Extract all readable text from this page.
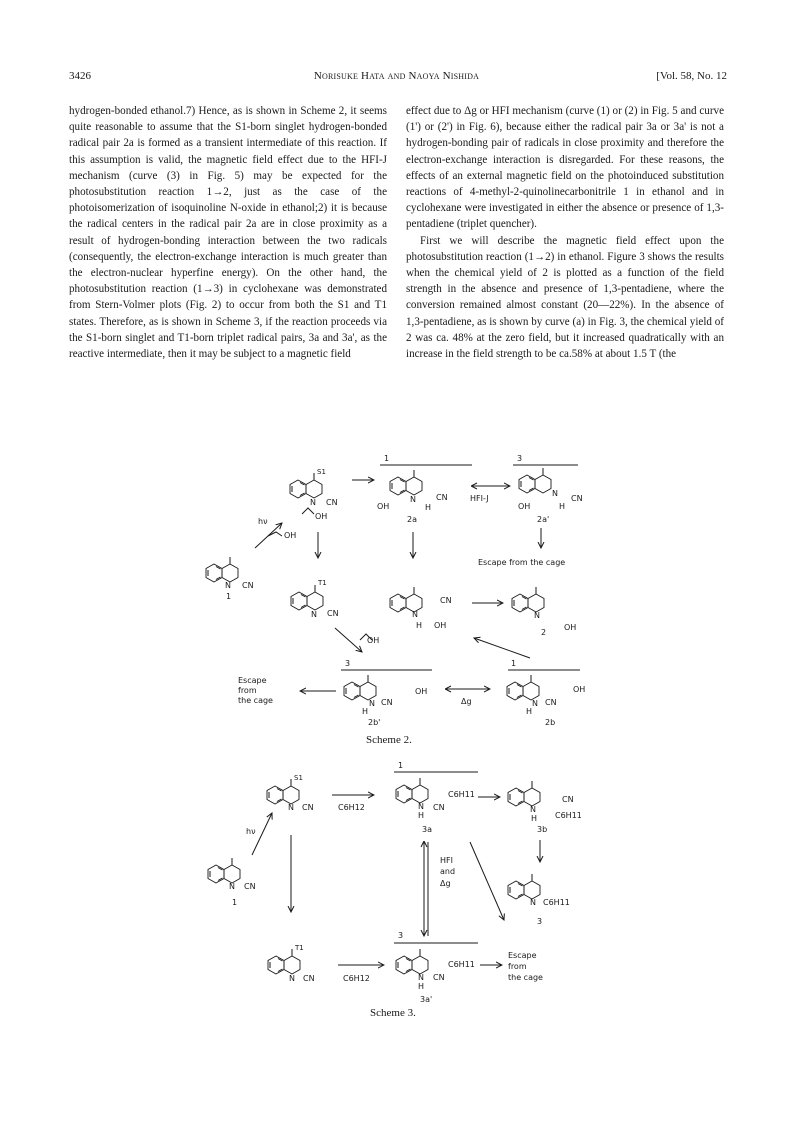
3426	Norisuke Hata and Naoya Nishida	[Vol. 58, No. 12

hydrogen-bonded ethanol.7) Hence, as is shown in Scheme 2, it seems quite reasonable to assume that the S1-born singlet hydrogen-bonded radical pair 2a is formed as a transient intermediate of this reaction. If this assumption is valid, the magnetic field effect due to the HFI-J mechanism (curve (3) in Fig. 5) may be expected for the photosubstitution reaction 1→2, just as the case of the photoisomerization of isoquinoline N-oxide in ethanol;2) it is because the radical centers in the radical pair 2a are in close proximity as a result of hydrogen-bonding interaction between the two radicals (consequently, the electron-exchange interaction is much greater than the electron-nuclear hyperfine energy). On the other hand, the photosubstitution reaction (1→3) in cyclohexane was demonstrated from Stern-Volmer plots (Fig. 2) to occur from both the S1 and T1 states. Therefore, as is shown in Scheme 3, if the reaction proceeds via the S1-born singlet and T1-born triplet radical pairs, 3a and 3a', as the reactive intermediate, then it may be subject to a magnetic field

effect due to Δg or HFI mechanism (curve (1) or (2) in Fig. 5 and curve (1') or (2') in Fig. 6), because either the radical pair 3a or 3a' is not a hydrogen-bonding pair of radicals in close proximity and therefore the electron-exchange interaction is disregarded. For these reasons, the effects of an external magnetic field on the photoinduced substitution reactions of 4-methyl-2-quinolinecarbonitrile 1 in ethanol and in cyclohexane were investigated in either the absence or presence of 1,3-pentadiene (triplet quencher).

First we will describe the magnetic field effect upon the photosubstitution reaction (1→2) in ethanol. Figure 3 shows the results when the chemical yield of 2 is plotted as a function of the field strength in the absence and presence of 1,3-pentadiene, where the conversion remained almost constant (20—22%). In the absence of 1,3-pentadiene, as is shown by curve (a) in Fig. 3, the chemical yield of 2 was ca. 48% at the zero field, but it increased quadratically with an increase in the field strength to be ca.58% at about 1.5 T (the

S1
N CN
OH
1
N	CN
H
OH
2a
HFI-J
3
N
CN
H
OH
2a'
Escape from the cage
hν
OH
N CN
1
T1
N CN
OH
N
CN
H OH
N
OH
2
3
N CN
H
OH
2b'
Escape
from
the cage	Δg
1
N CN
H
OH
2b
Scheme 2.
S1
N CN	C6H12
1
N CN
H
C6H11
3a
N
CN
H C6H11
3b
N C6H11
3
hν
N CN
1
HFI
and
Δg
T1
N CN	C6H12
3
N CN
H
C6H11
3a'
Escape
from
the cage
Scheme 3.
